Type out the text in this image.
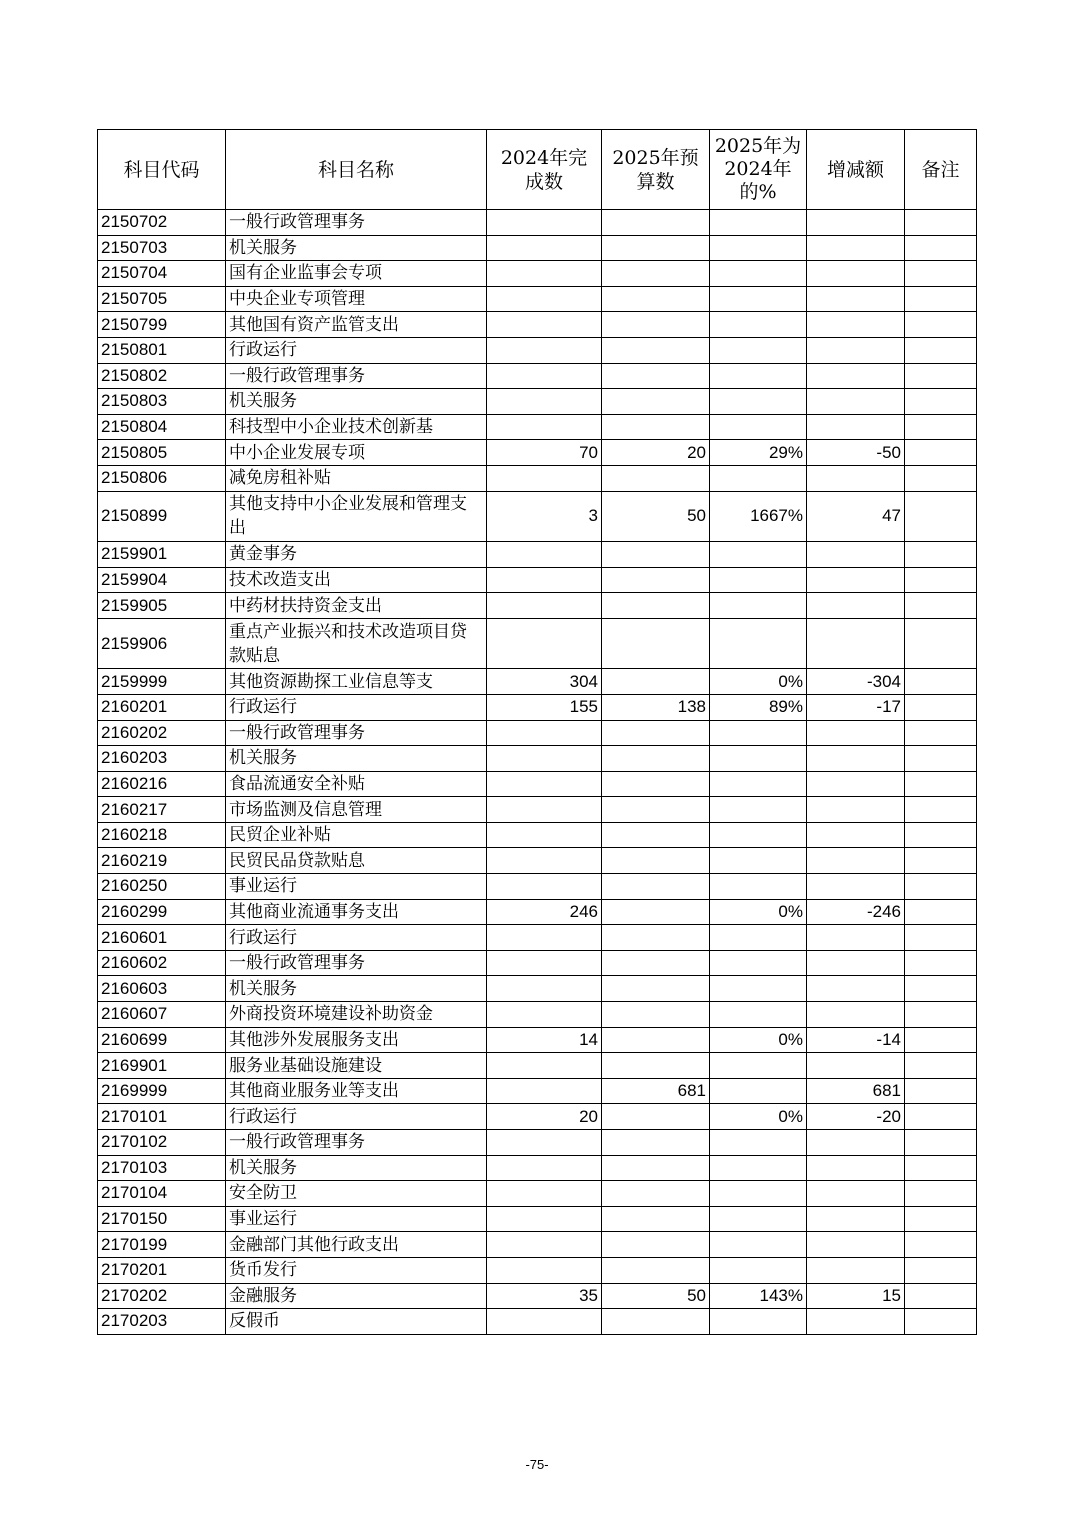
科目代码	科目名称	2024年完成数	2025年预算数	2025年为2024年的%	增减额	备注
2150702	一般行政管理事务					
2150703	机关服务					
2150704	国有企业监事会专项					
2150705	中央企业专项管理					
2150799	其他国有资产监管支出					
2150801	行政运行					
2150802	一般行政管理事务					
2150803	机关服务					
2150804	科技型中小企业技术创新基					
2150805	中小企业发展专项	70	20	29%	-50	
2150806	减免房租补贴					
2150899	其他支持中小企业发展和管理支出	3	50	1667%	47	
2159901	黄金事务					
2159904	技术改造支出					
2159905	中药材扶持资金支出					
2159906	重点产业振兴和技术改造项目贷款贴息					
2159999	其他资源勘探工业信息等支	304		0%	-304	
2160201	行政运行	155	138	89%	-17	
2160202	一般行政管理事务					
2160203	机关服务					
2160216	食品流通安全补贴					
2160217	市场监测及信息管理					
2160218	民贸企业补贴					
2160219	民贸民品贷款贴息					
2160250	事业运行					
2160299	其他商业流通事务支出	246		0%	-246	
2160601	行政运行					
2160602	一般行政管理事务					
2160603	机关服务					
2160607	外商投资环境建设补助资金					
2160699	其他涉外发展服务支出	14		0%	-14	
2169901	服务业基础设施建设					
2169999	其他商业服务业等支出		681		681	
2170101	行政运行	20		0%	-20	
2170102	一般行政管理事务					
2170103	机关服务					
2170104	安全防卫					
2170150	事业运行					
2170199	金融部门其他行政支出					
2170201	货币发行					
2170202	金融服务	35	50	143%	15	
2170203	反假币					
-75-
